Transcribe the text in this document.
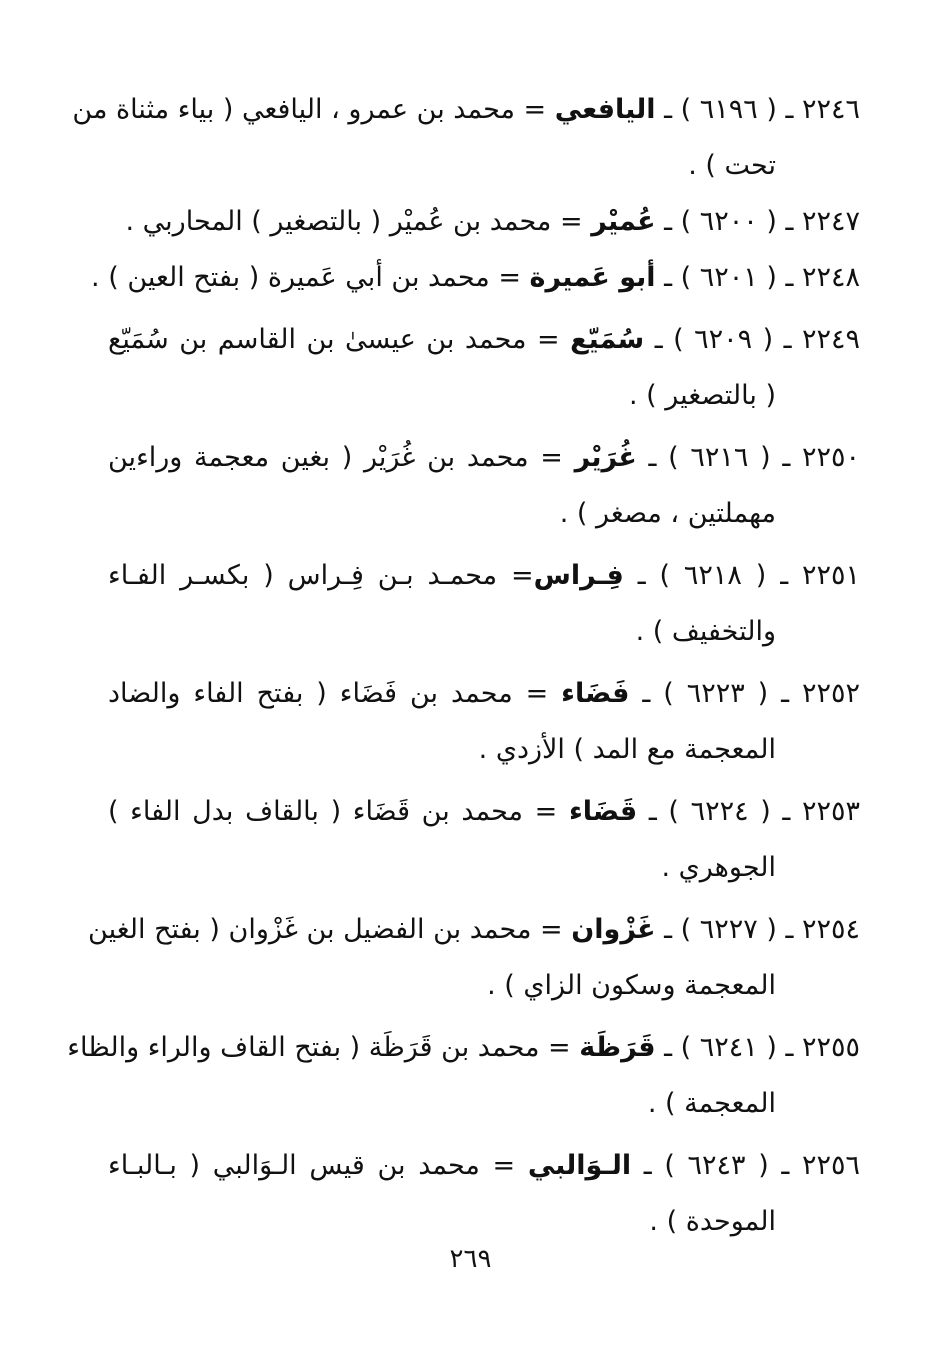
٢٢٤٦ ـ ( ٦١٩٦ ) ـ اليافعي = محمد بن عمرو ، اليافعي ( بياء مثناة من
تحت ) .

٢٢٤٧ ـ ( ٦٢٠٠ ) ـ عُميْر = محمد بن عُميْر ( بالتصغير ) المحاربي .

٢٢٤٨ ـ ( ٦٢٠١ ) ـ أبو عَميرة = محمد بن أبي عَميرة ( بفتح العين ) .

٢٢٤٩ ـ ( ٦٢٠٩ ) ـ سُمَيّع = محمد بن عيسىٰ بن القاسم بن سُمَيّع
( بالتصغير ) .

٢٢٥٠ ـ ( ٦٢١٦ ) ـ غُرَيْر = محمد بن غُرَيْر ( بغين معجمة وراءين
مهملتين ، مصغر ) .

٢٢٥١ ـ ( ٦٢١٨ ) ـ فِـراس= محمـد بـن فِـراس ( بكسـر الفـاء
والتخفيف ) .

٢٢٥٢ ـ ( ٦٢٢٣ ) ـ فَضَاء = محمد بن فَضَاء ( بفتح الفاء والضاد
المعجمة مع المد ) الأزدي .

٢٢٥٣ ـ ( ٦٢٢٤ ) ـ قَضَاء = محمد بن قَضَاء ( بالقاف بدل الفاء )
الجوهري .

٢٢٥٤ ـ ( ٦٢٢٧ ) ـ غَزْوان = محمد بن الفضيل بن غَزْوان ( بفتح الغين
المعجمة وسكون الزاي ) .

٢٢٥٥ ـ ( ٦٢٤١ ) ـ قَرَظَة = محمد بن قَرَظَة ( بفتح القاف والراء والظاء
المعجمة ) .

٢٢٥٦ ـ ( ٦٢٤٣ ) ـ الـوَالبي = محمد بن قيس الـوَالبي ( بـالبـاء
الموحدة ) .

٢٦٩
